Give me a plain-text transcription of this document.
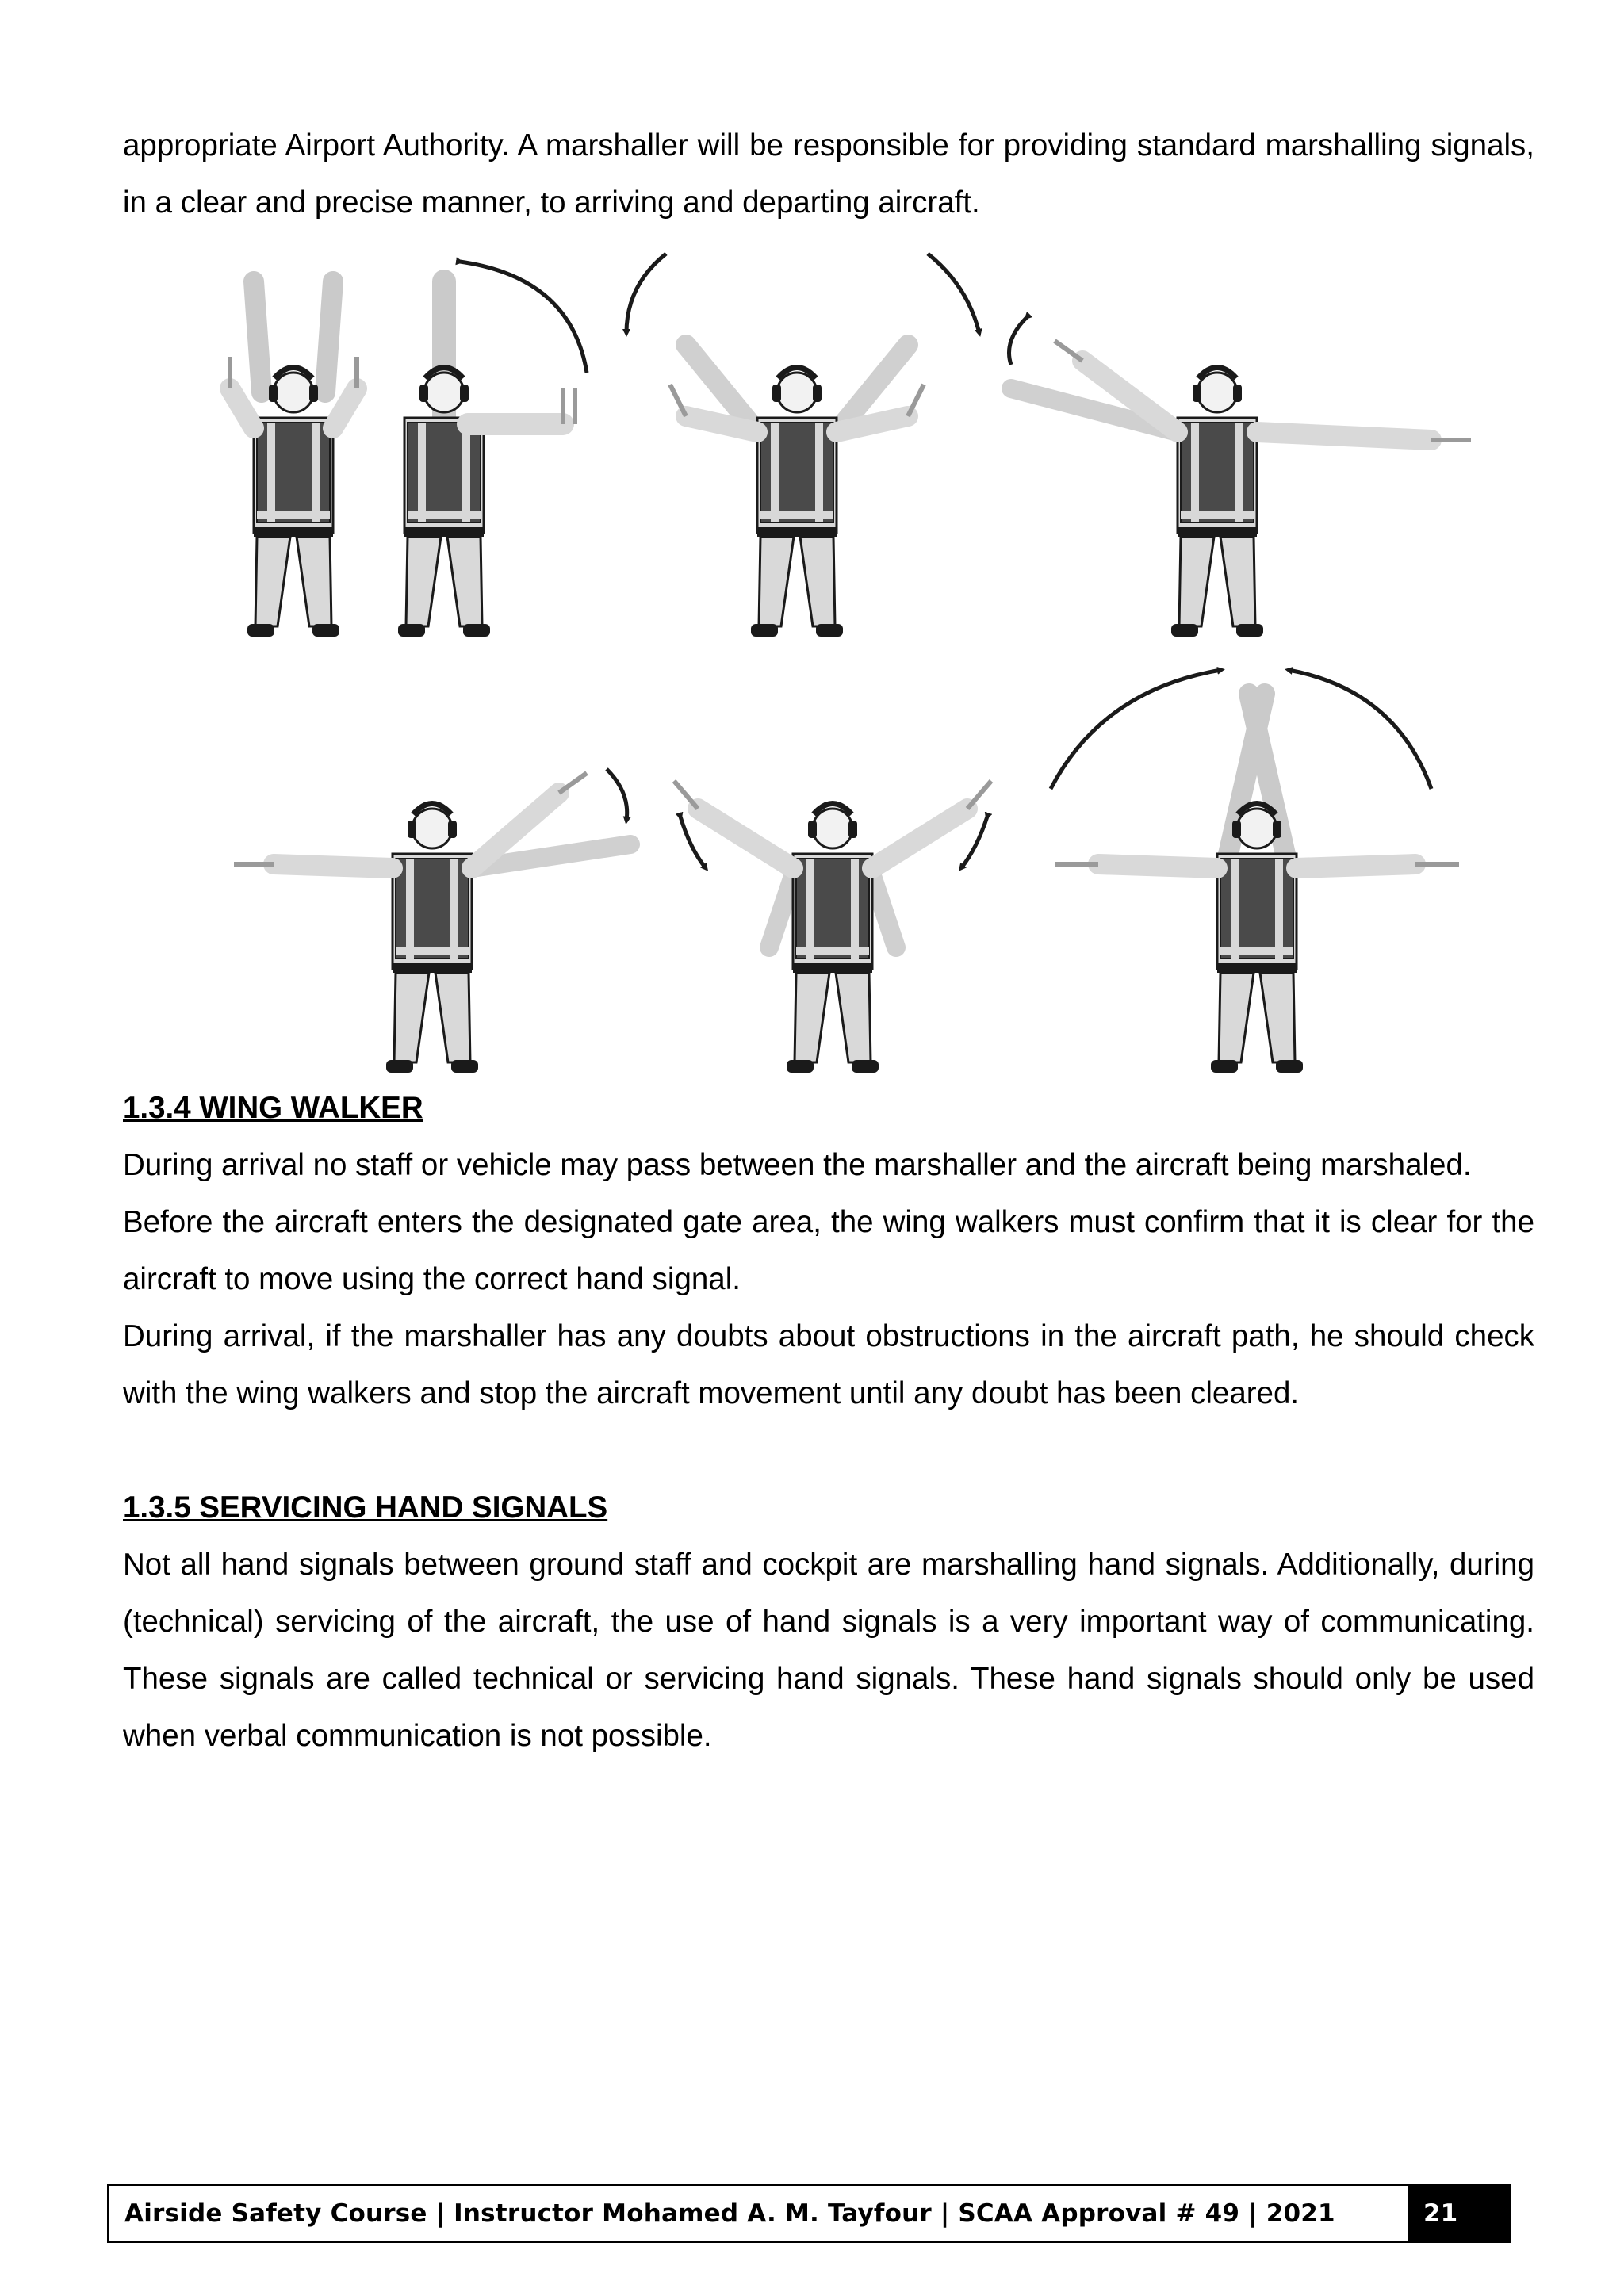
appropriate Airport Authority. A marshaller will be responsible for providing standard marshalling signals, in a clear and precise manner, to arriving and departing aircraft.

1.3.4 WING WALKER

During arrival no staff or vehicle may pass between the marshaller and the aircraft being marshaled.

Before the aircraft enters the designated gate area, the wing walkers must confirm that it is clear for the aircraft to move using the correct hand signal.

During arrival, if the marshaller has any doubts about obstructions in the aircraft path, he should check with the wing walkers and stop the aircraft movement until any doubt has been cleared.

1.3.5 SERVICING HAND SIGNALS

Not all hand signals between ground staff and cockpit are marshalling hand signals. Additionally, during (technical) servicing of the aircraft, the use of hand signals is a very important way of communicating. These signals are called technical or servicing hand signals. These hand signals should only be used when verbal communication is not possible.

Airside Safety Course | Instructor Mohamed A. M. Tayfour | SCAA Approval # 49 | 2021	21
